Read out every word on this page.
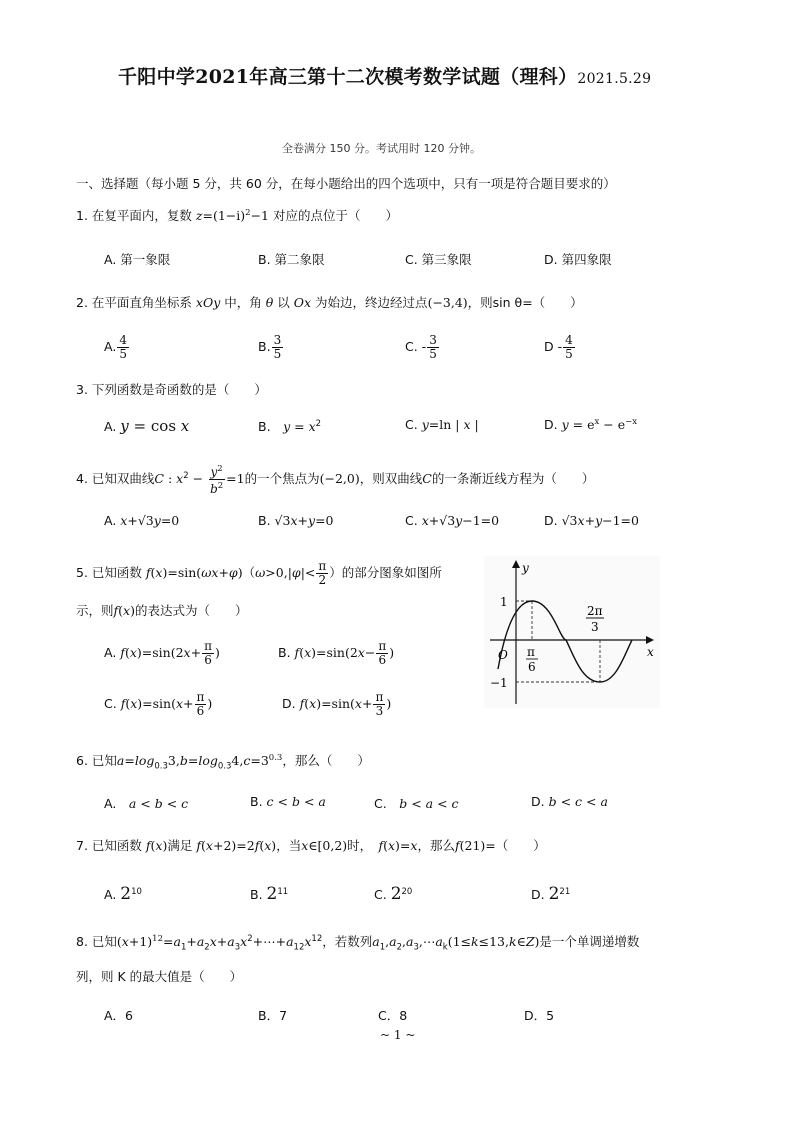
千阳中学2021年高三第十二次模考数学试题（理科）2021.5.29
全卷满分 150 分。考试用时 120 分钟。
一、选择题（每小题 5 分，共 60 分，在每小题给出的四个选项中，只有一项是符合题目要求的）
1. 在复平面内，复数 $z=(1-i)^2-1$ 对应的点位于（　　）
A. 第一象限	B. 第二象限	C. 第三象限	D. 第四象限
2. 在平面直角坐标系 xOy 中，角 θ 以 Ox 为始边，终边经过点(−3,4)，则sin θ=（　　）
A. $\frac{4}{5}$	B. $\frac{3}{5}$	C. - $\frac{3}{5}$	D - $\frac{4}{5}$
3. 下列函数是奇函数的是（　　）
A. y = cos x	B.　 $y = x^2$	C. y=ln | x |	D. $y = e^x - e^{-x}$
4. 已知双曲线C : $x^2 - \frac{y^2}{b^2} =1$的一个焦点为(−2,0)，则双曲线C的一条渐近线方程为（　　）
A. x+√3y=0	B. √3x+y=0	C. x+√3y−1=0	D. √3x+y−1=0
5. 已知函数 $f(x)=\sin(\omega x+\varphi)(\omega>0,|\varphi|< \frac{\pi}{2}$ ）的部分图象如图所
示，则f(x)的表达式为（　　）
A. $f(x)=\sin(2x+ \frac{\pi}{6}$ )	B. $f(x)=\sin(2x- \frac{\pi}{6}$ )
C. $f(x)=\sin(x+ \frac{\pi}{6}$ )	D. $f(x)=\sin(x+ \frac{\pi}{3}$ )
y
x
O
1
−1
π
6
2π
3
6. 已知$a=\log_{0.3}3,b=\log_{0.3}4,c=3^{0.3}$，那么（　　）
A.　 a < b < c	B. c < b < a	C.　 b < a < c	D. b < c < a
7. 已知函数 f(x)满足 f(x+2)=2f(x)，当x∈[0,2)时，　 f(x)=x，那么f(21)=（　　）
A. $2^{10}$	B. $2^{11}$	C. $2^{20}$	D. $2^{21}$
8. 已知$(x+1)^{12}=a_1+a_2x+a_3x^2+\cdots+a_{12}x^{12}$，若数列$a_1,a_2,a_3,\cdots a_k(1\le k\le 13,k\in Z)$是一个单调递增数
列，则 K 的最大值是（　　）
A．6	B．7	C．8	D．5
~ 1 ~
